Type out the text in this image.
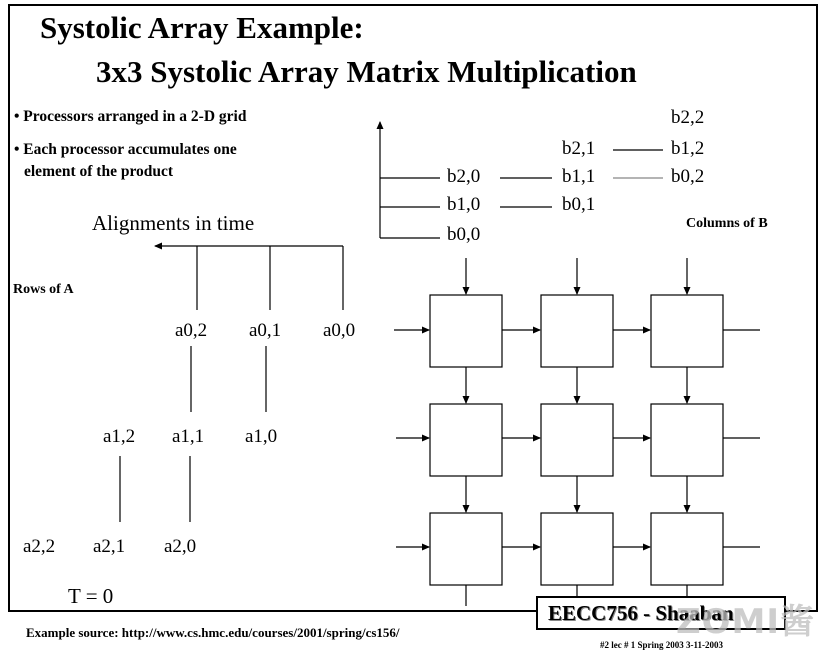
Systolic Array Example:
3x3 Systolic Array Matrix Multiplication
• Processors arranged in a 2-D grid
• Each processor accumulates one
element of the product
Alignments in time
Rows of A
Columns of B
T = 0
b2,2
b2,1	b1,2
b2,0	b1,1	b0,2
b1,0	b0,1
b0,0
a0,2 a0,1 a0,0
a1,2 a1,1 a1,0
a2,2 a2,1 a2,0
EECC756 - Shaaban
ZOMI酱
Example source: http://www.cs.hmc.edu/courses/2001/spring/cs156/
#2 lec # 1 Spring 2003 3-11-2003
